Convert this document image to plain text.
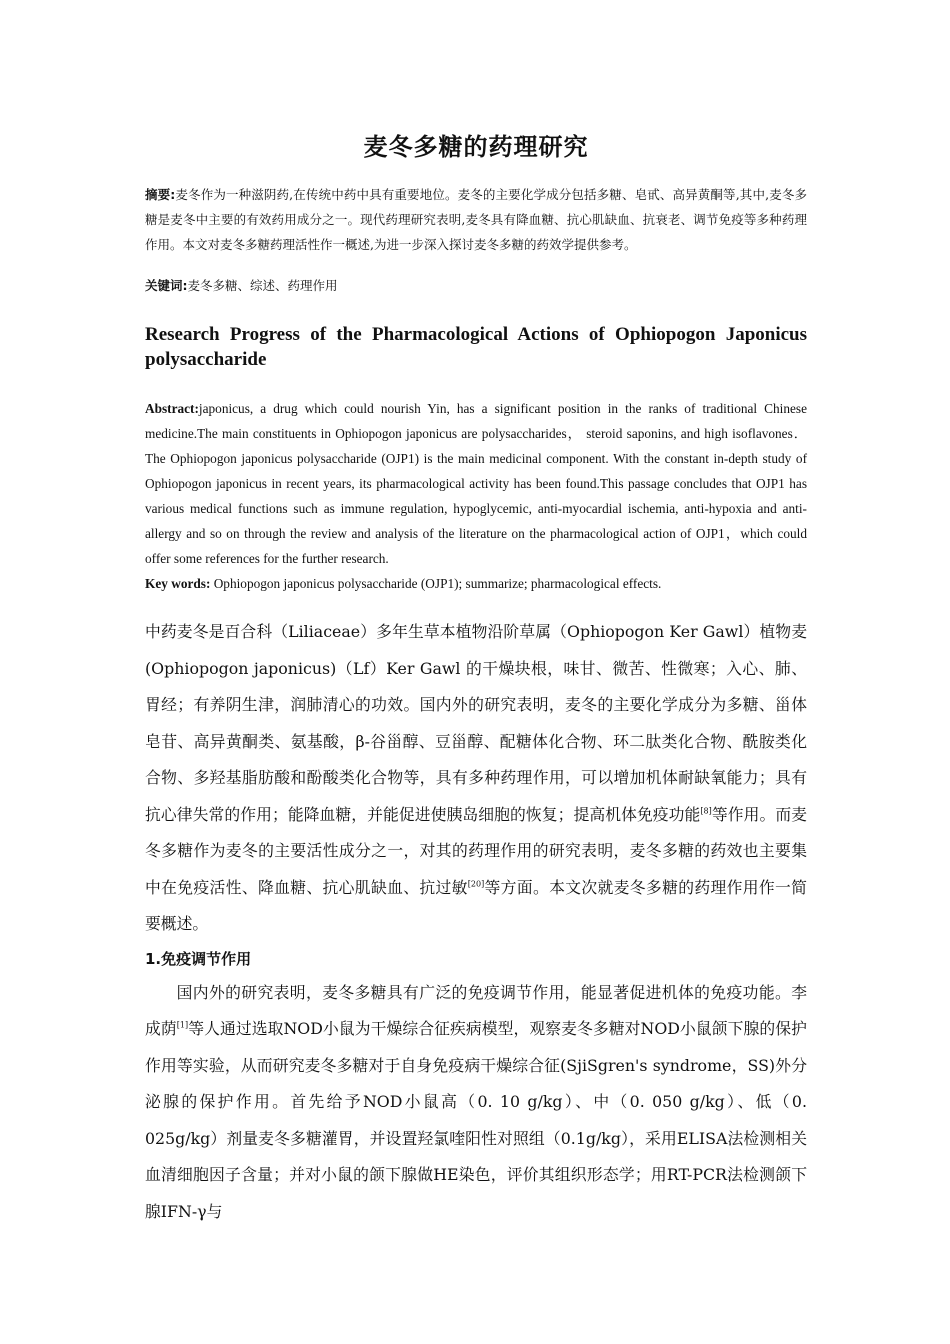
麦冬多糖的药理研究

摘要:麦冬作为一种滋阴药,在传统中药中具有重要地位。麦冬的主要化学成分包括多糖、皂甙、高异黄酮等,其中,麦冬多糖是麦冬中主要的有效药用成分之一。现代药理研究表明,麦冬具有降血糖、抗心肌缺血、抗衰老、调节免疫等多种药理作用。本文对麦冬多糖药理活性作一概述,为进一步深入探讨麦冬多糖的药效学提供参考。

关键词:麦冬多糖、综述、药理作用

Research Progress of the Pharmacological Actions of Ophiopogon Japonicus polysaccharide

Abstract:japonicus, a drug which could nourish Yin, has a significant position in the ranks of traditional Chinese medicine.The main constituents in Ophiopogon japonicus are polysaccharides， steroid saponins, and high isoflavones． The Ophiopogon japonicus polysaccharide (OJP1) is the main medicinal component. With the constant in-depth study of Ophiopogon japonicus in recent years, its pharmacological activity has been found.This passage concludes that OJP1 has various medical functions such as immune regulation, hypoglycemic, anti-myocardial ischemia, anti-hypoxia and anti-allergy and so on through the review and analysis of the literature on the pharmacological action of OJP1，which could offer some references for the further research.

Key words: Ophiopogon japonicus polysaccharide (OJP1); summarize; pharmacological effects.

中药麦冬是百合科（Liliaceae）多年生草本植物沿阶草属（Ophiopogon Ker Gawl）植物麦(Ophiopogon japonicus)（Lf）Ker Gawl 的干燥块根，味甘、微苦、性微寒；入心、肺、胃经；有养阴生津，润肺清心的功效。国内外的研究表明，麦冬的主要化学成分为多糖、甾体皂苷、高异黄酮类、氨基酸，β-谷甾醇、豆甾醇、配糖体化合物、环二肽类化合物、酰胺类化合物、多羟基脂肪酸和酚酸类化合物等，具有多种药理作用，可以增加机体耐缺氧能力；具有抗心律失常的作用；能降血糖，并能促进使胰岛细胞的恢复；提高机体免疫功能[8]等作用。而麦冬多糖作为麦冬的主要活性成分之一，对其的药理作用的研究表明，麦冬多糖的药效也主要集中在免疫活性、降血糖、抗心肌缺血、抗过敏[20]等方面。本文次就麦冬多糖的药理作用作一简要概述。

1.免疫调节作用

国内外的研究表明，麦冬多糖具有广泛的免疫调节作用，能显著促进机体的免疫功能。李成荫[1]等人通过选取NOD小鼠为干燥综合征疾病模型，观察麦冬多糖对NOD小鼠颌下腺的保护作用等实验，从而研究麦冬多糖对于自身免疫病干燥综合征(SjiSgren's syndrome，SS)外分泌腺的保护作用。首先给予NOD小鼠高（0. 10 g/kg）、中（0. 050 g/kg）、低（0. 025g/kg）剂量麦冬多糖灌胃，并设置羟氯喹阳性对照组（0.1g/kg），采用ELISA法检测相关血清细胞因子含量；并对小鼠的颌下腺做HE染色，评价其组织形态学；用RT-PCR法检测颌下腺IFN-γ与
